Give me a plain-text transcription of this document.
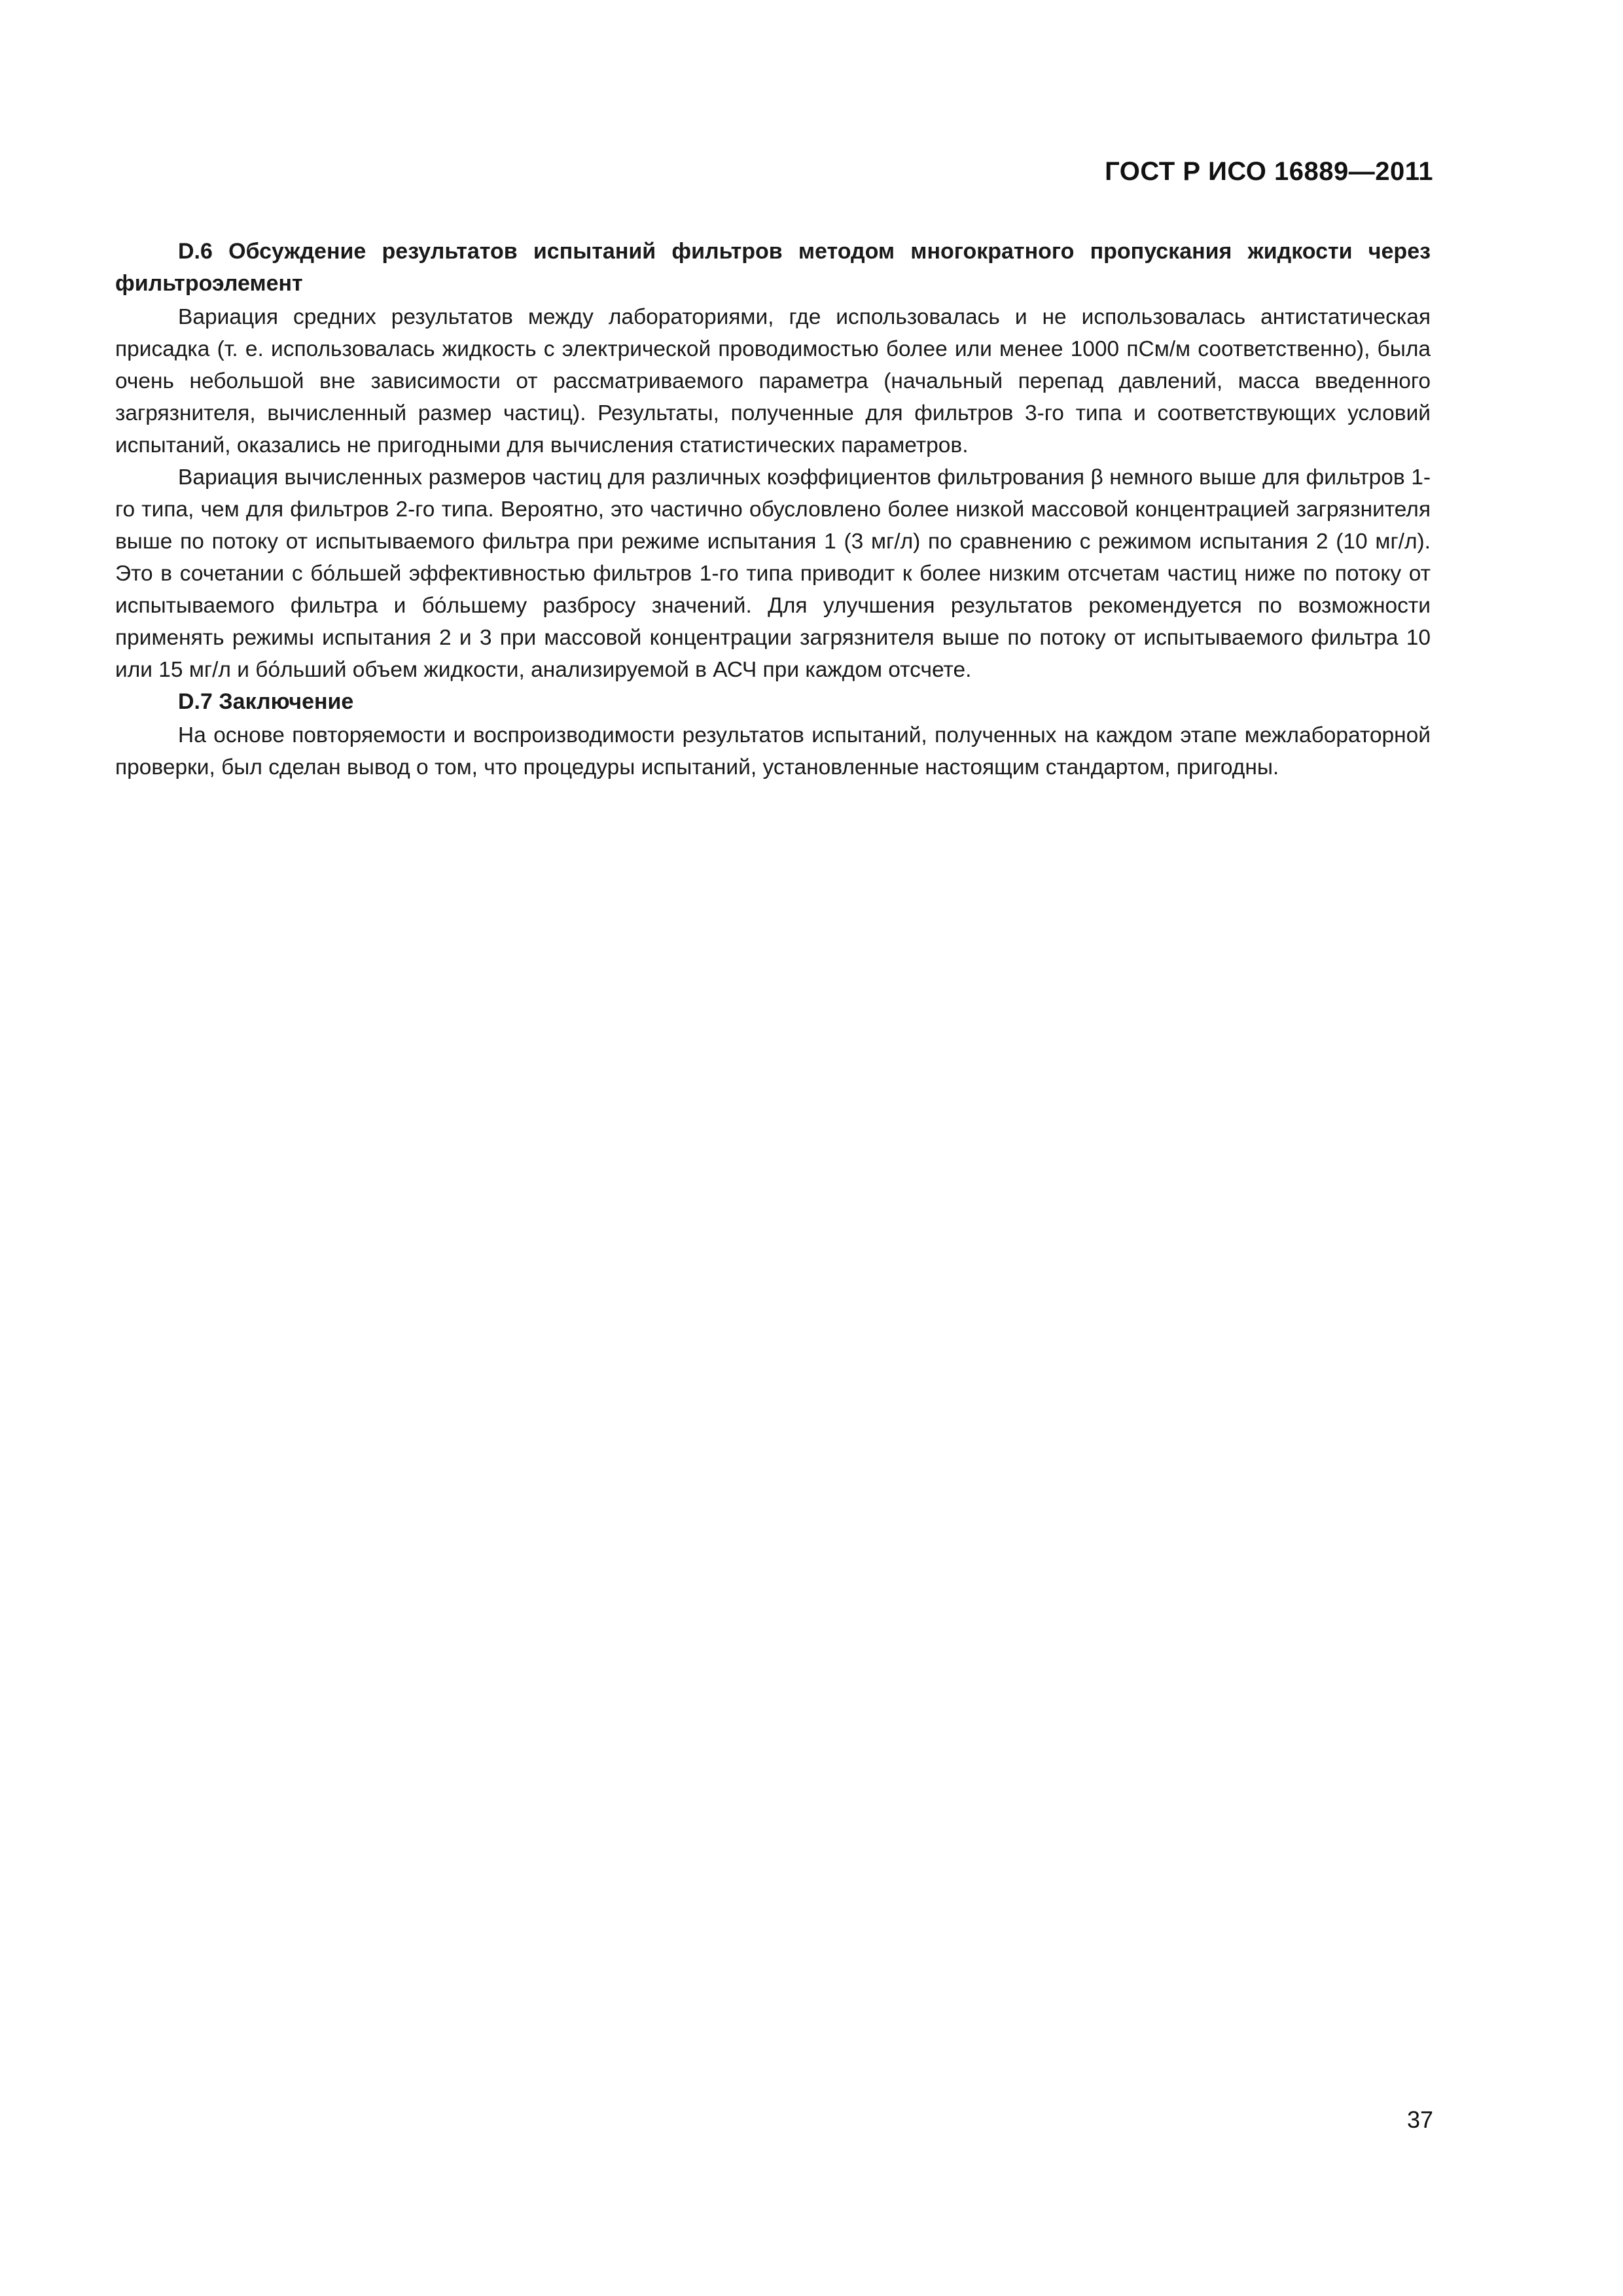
ГОСТ Р ИСО 16889—2011
D.6 Обсуждение результатов испытаний фильтров методом многократного пропускания жидкости через фильтроэлемент

Вариация средних результатов между лабораториями, где использовалась и не использовалась антистатическая присадка (т. е. использовалась жидкость с электрической проводимостью более или менее 1000 пСм/м соответственно), была очень небольшой вне зависимости от рассматриваемого параметра (начальный перепад давлений, масса введенного загрязнителя, вычисленный размер частиц). Результаты, полученные для фильтров 3-го типа и соответствующих условий испытаний, оказались не пригодными для вычисления статистических параметров.

Вариация вычисленных размеров частиц для различных коэффициентов фильтрования β немного выше для фильтров 1-го типа, чем для фильтров 2-го типа. Вероятно, это частично обусловлено более низкой массовой концентрацией загрязнителя выше по потоку от испытываемого фильтра при режиме испытания 1 (3 мг/л) по сравнению с режимом испытания 2 (10 мг/л). Это в сочетании с бо́льшей эффективностью фильтров 1-го типа приводит к более низким отсчетам частиц ниже по потоку от испытываемого фильтра и бо́льшему разбросу значений. Для улучшения результатов рекомендуется по возможности применять режимы испытания 2 и 3 при массовой концентрации загрязнителя выше по потоку от испытываемого фильтра 10 или 15 мг/л и бо́льший объем жидкости, анализируемой в АСЧ при каждом отсчете.

D.7 Заключение

На основе повторяемости и воспроизводимости результатов испытаний, полученных на каждом этапе межлабораторной проверки, был сделан вывод о том, что процедуры испытаний, установленные настоящим стандартом, пригодны.

37
